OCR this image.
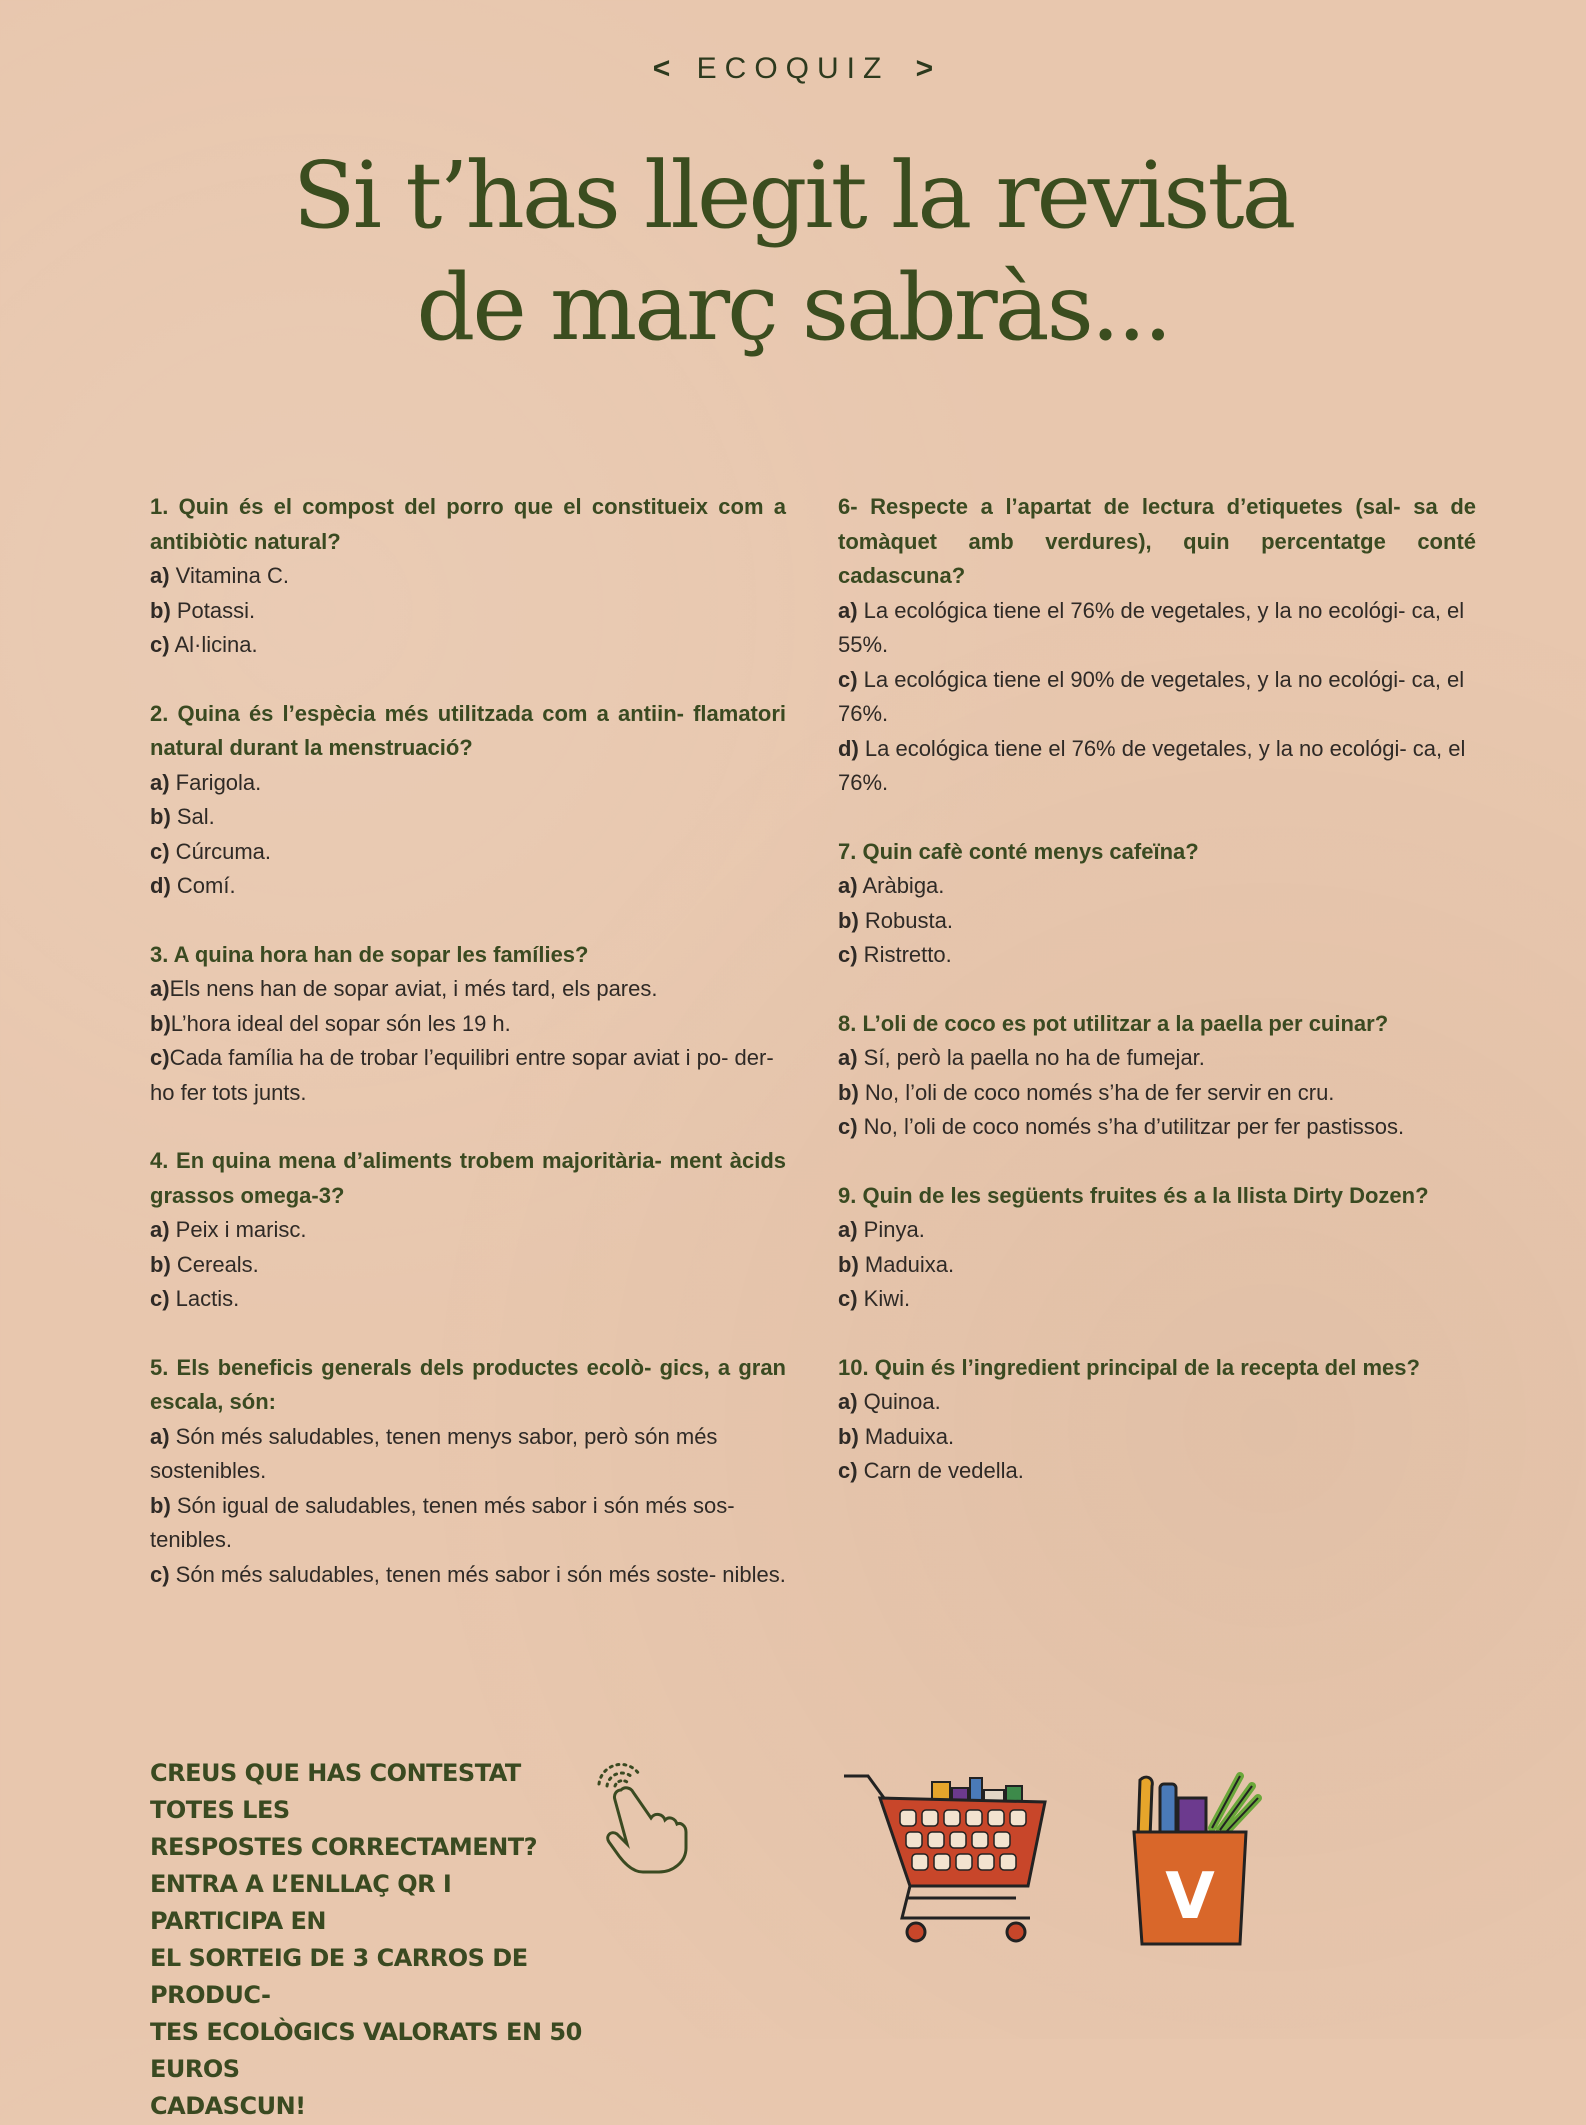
< ECOQUIZ >
Si t’has llegit la revista
de març sabràs...
1. Quin és el compost del porro que el constitueix com a antibiòtic natural?
a) Vitamina C.
b) Potassi.
c) Al·licina.
2. Quina és l’espècia més utilitzada com a antiin- flamatori natural durant la menstruació?
a) Farigola.
b) Sal.
c) Cúrcuma.
d) Comí.
3. A quina hora han de sopar les famílies?
a)Els nens han de sopar aviat, i més tard, els pares.
b)L’hora ideal del sopar són les 19 h.
c)Cada família ha de trobar l’equilibri entre sopar aviat i po- der-ho fer tots junts.
4. En quina mena d’aliments trobem majoritària- ment àcids grassos omega-3?
a) Peix i marisc.
b) Cereals.
c) Lactis.
5. Els beneficis generals dels productes ecolò- gics, a gran escala, són:
a) Són més saludables, tenen menys sabor, però són més sostenibles.
b) Són igual de saludables, tenen més sabor i són més sos- tenibles.
c) Són més saludables, tenen més sabor i són més soste- nibles.
6- Respecte a l’apartat de lectura d’etiquetes (sal- sa de tomàquet amb verdures), quin percentatge conté cadascuna?
a) La ecológica tiene el 76% de vegetales, y la no ecológi- ca, el 55%.
c) La ecológica tiene el 90% de vegetales, y la no ecológi- ca, el 76%.
d) La ecológica tiene el 76% de vegetales, y la no ecológi- ca, el 76%.
7. Quin cafè conté menys cafeïna?
a) Aràbiga.
b) Robusta.
c) Ristretto.
8. L’oli de coco es pot utilitzar a la paella per cuinar?
a) Sí, però la paella no ha de fumejar.
b) No, l’oli de coco només s’ha de fer servir en cru.
c) No, l’oli de coco només s’ha d’utilitzar per fer pastissos.
9. Quin de les següents fruites és a la llista Dirty Dozen?
a) Pinya.
b) Maduixa.
c) Kiwi.
10. Quin és l’ingredient principal de la recepta del mes?
a) Quinoa.
b) Maduixa.
c) Carn de vedella.
CREUS QUE HAS CONTESTAT TOTES LES
RESPOSTES CORRECTAMENT?
ENTRA A L’ENLLAÇ QR I PARTICIPA EN
EL SORTEIG DE 3 CARROS DE PRODUC-
TES ECOLÒGICS VALORATS EN 50 EUROS
CADASCUN!
V
